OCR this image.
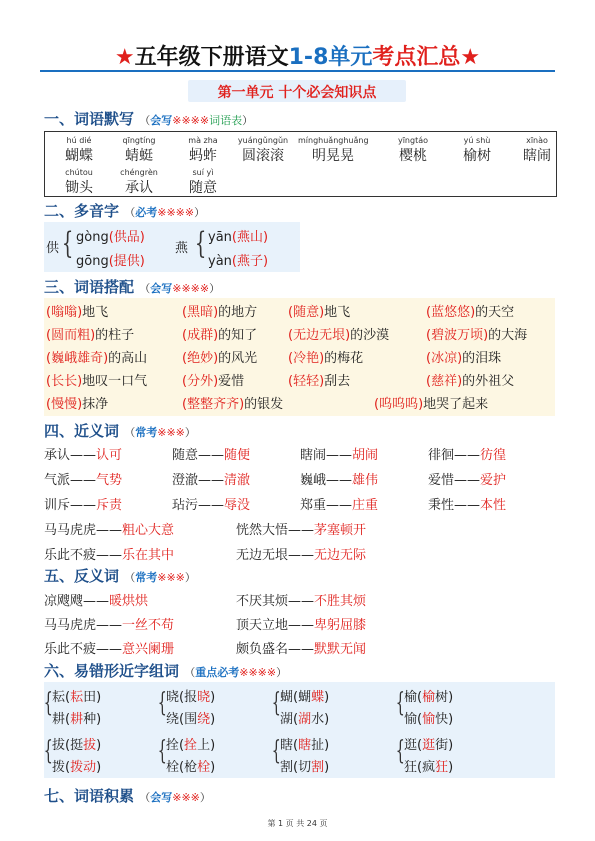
★五年级下册语文1-8单元考点汇总★
第一单元 十个必会知识点
一、词语默写 （会写※※※※词语表）
hú dié
蝴蝶
qīngtíng
蜻蜓
mà zha
蚂蚱
yuángǔngǔn
圆滚滚
mínghuǎnghuǎng
明晃晃
yīngtáo
樱桃
yú shù
榆树
xīnào
瞎闹
chútou
锄头
chéngrèn
承认
suí yì
随意
二、多音字 （必考※※※※）
供 { gòng(供品)
gōng(提供)
燕 { yān(燕山)
yàn(燕子)
三、词语搭配 （会写※※※※）
(嗡嗡)地飞	(黑暗)的地方 (随意)地飞	(蓝悠悠)的天空
(圆而粗)的柱子	(成群)的知了 (无边无垠)的沙漠	(碧波万顷)的大海
(巍峨雄奇)的高山	(绝妙)的风光 (冷艳)的梅花	(冰凉)的泪珠
(长长)地叹一口气	(分外)爱惜	(轻轻)刮去	(慈祥)的外祖父
(慢慢)抹净	(整整齐齐)的银发	(呜呜呜)地哭了起来
四、近义词 （常考※※※）
承认——认可	随意——随便	瞎闹——胡闹	徘徊——彷徨
气派——气势	澄澈——清澈	巍峨——雄伟	爱惜——爱护
训斥——斥责	玷污——辱没	郑重——庄重	秉性——本性
马马虎虎——粗心大意	恍然大悟——茅塞顿开
乐此不疲——乐在其中	无边无垠——无边无际
五、反义词 （常考※※※）
凉飕飕——暖烘烘	不厌其烦——不胜其烦
马马虎虎——一丝不苟	顶天立地——卑躬屈膝
乐此不疲——意兴阑珊	颇负盛名——默默无闻
六、易错形近字组词 （重点必考※※※※）
{ 耘(耘田)
耕(耕种)
{ 晓(报晓)
绕(围绕)
{ 蝴(蝴蝶)
湖(湖水)
{ 榆(榆树)
愉(愉快)
{ 拔(挺拔)
拨(拨动)
{ 拴(拴上)
栓(枪栓)
{ 瞎(瞎扯)
割(切割)
{ 逛(逛街)
狂(疯狂)
七、词语积累 （会写※※※）
第 1 页 共 24 页
